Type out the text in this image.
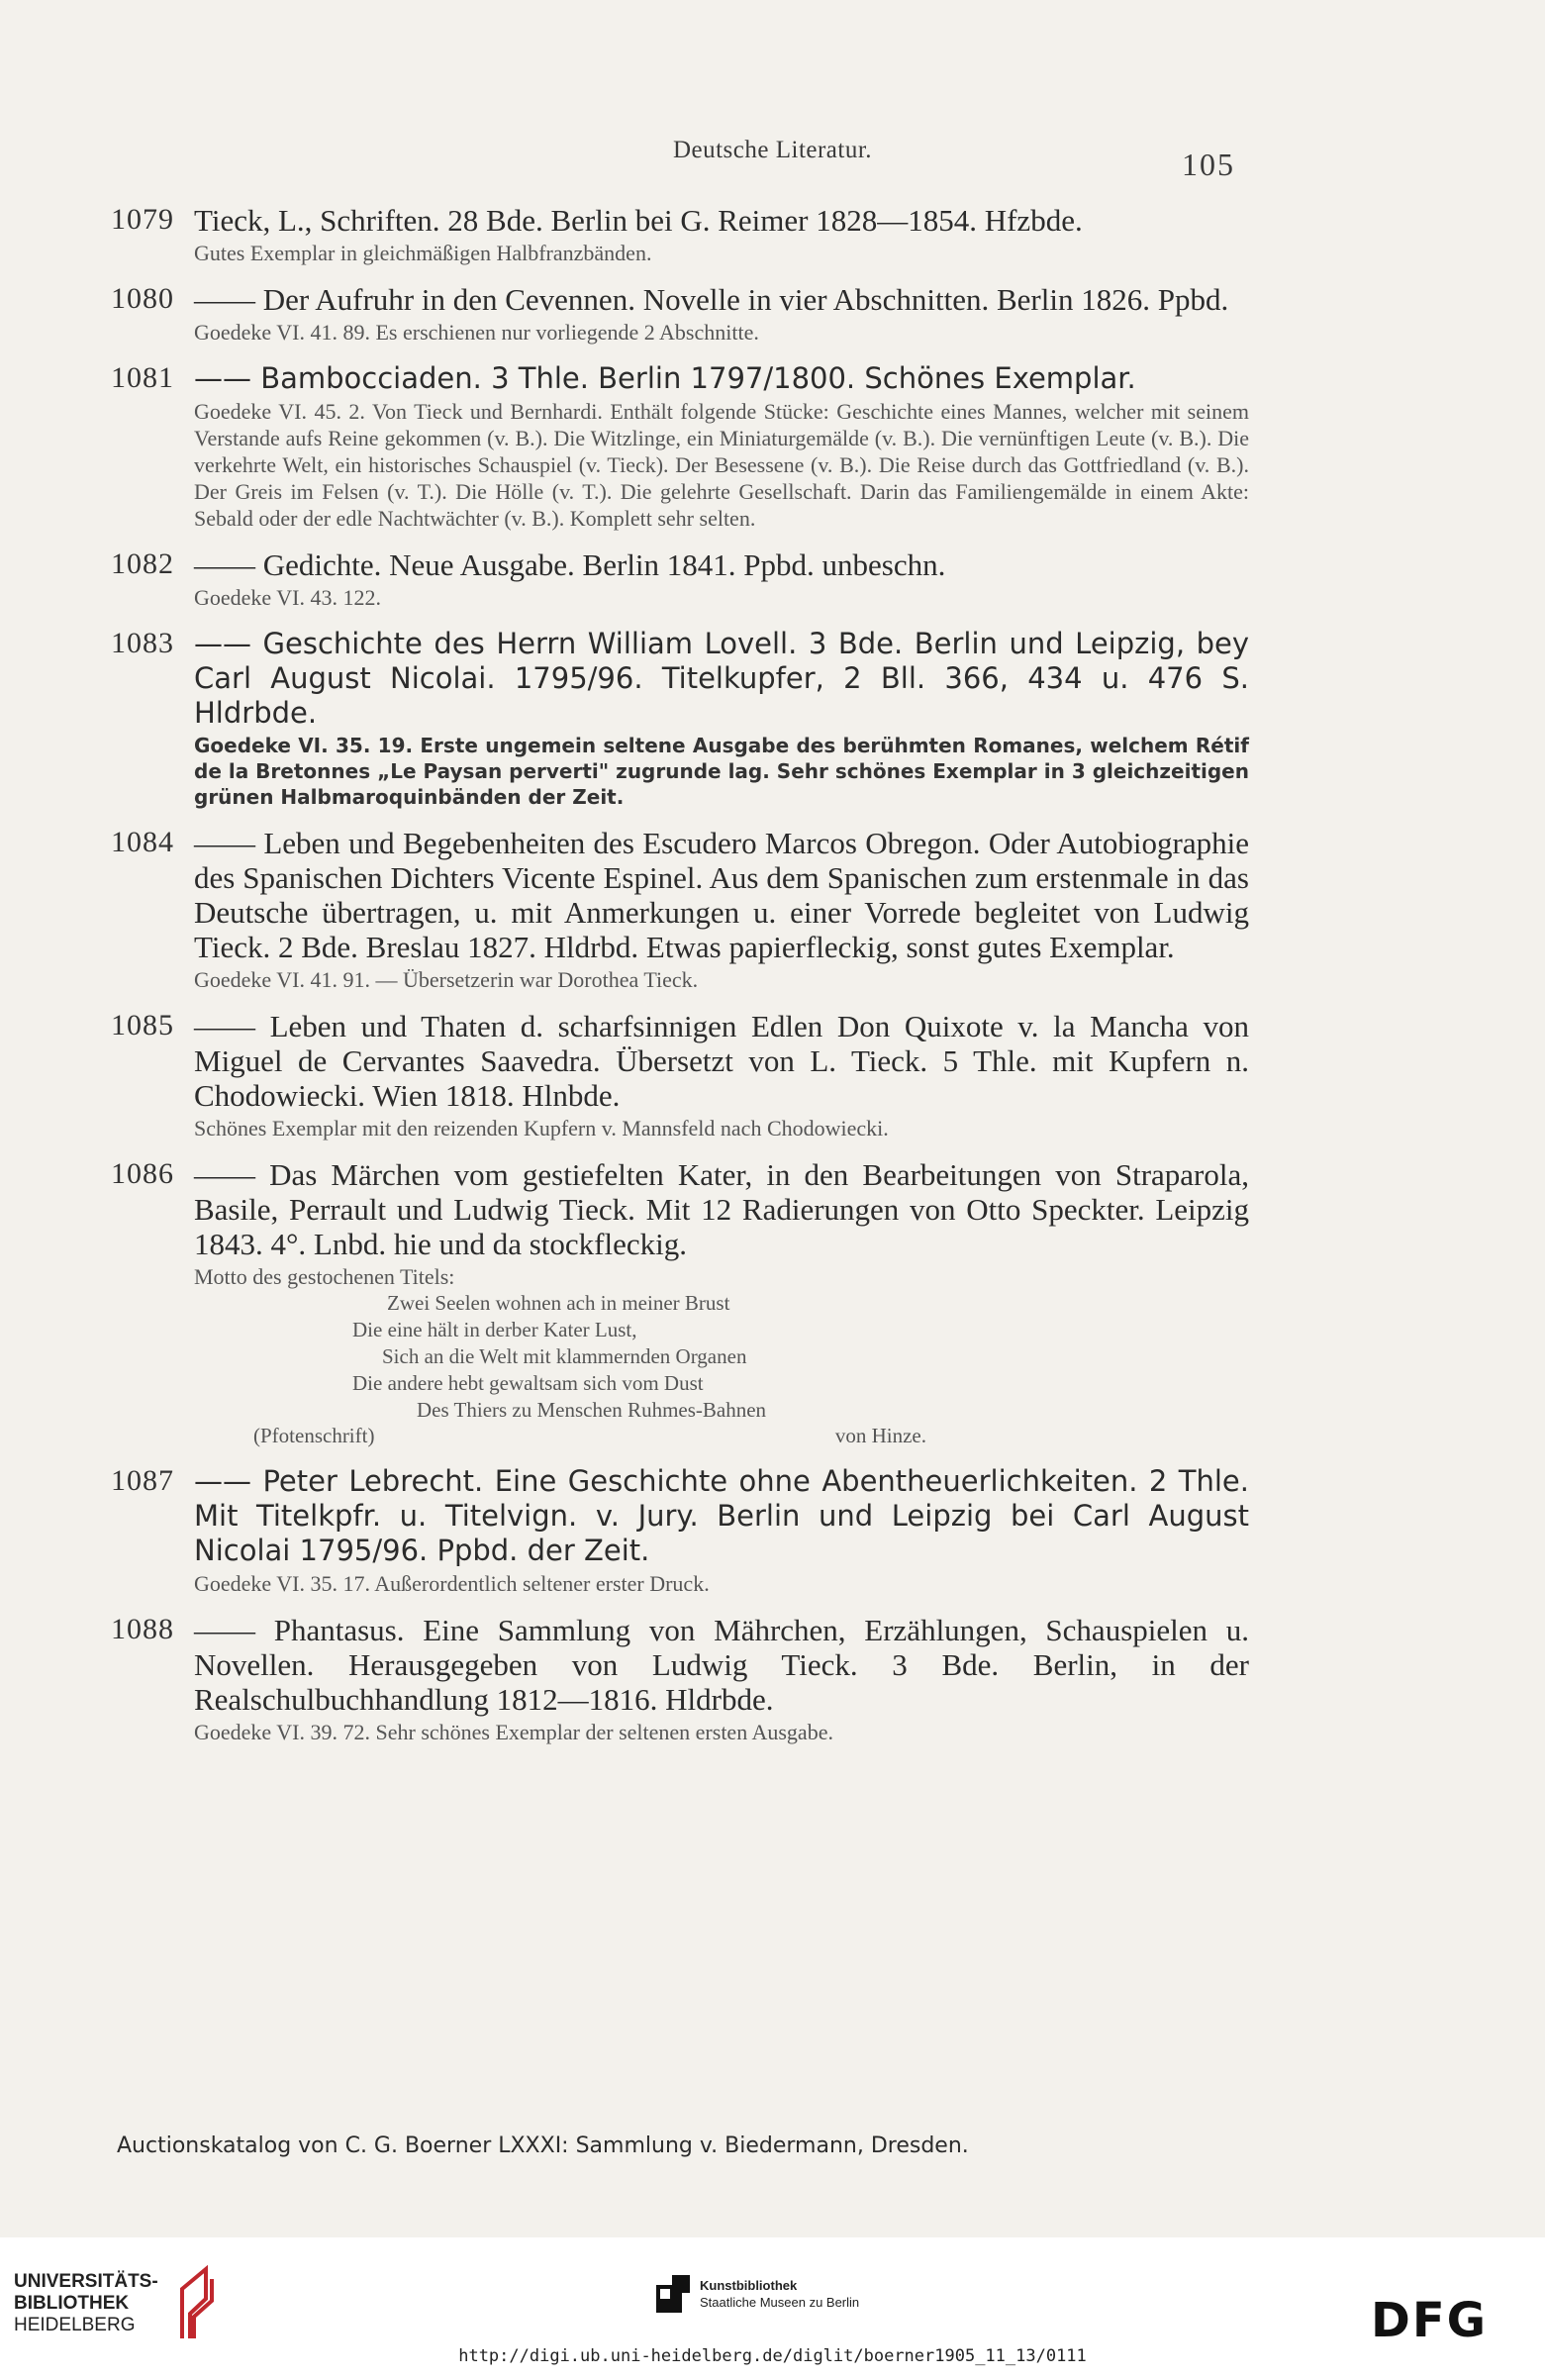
Deutsche Literatur.	105
1079 Tieck, L., Schriften. 28 Bde. Berlin bei G. Reimer 1828—1854. Hfzbde.
Gutes Exemplar in gleichmäßigen Halbfranzbänden.
1080 —— Der Aufruhr in den Cevennen. Novelle in vier Abschnitten. Berlin 1826. Ppbd.
Goedeke VI. 41. 89. Es erschienen nur vorliegende 2 Abschnitte.
1081 —— Bambocciaden. 3 Thle. Berlin 1797/1800. Schönes Exemplar.
Goedeke VI. 45. 2. Von Tieck und Bernhardi. Enthält folgende Stücke: Geschichte eines Mannes, welcher mit seinem Verstande aufs Reine gekommen (v. B.). Die Witzlinge, ein Miniaturgemälde (v. B.). Die vernünftigen Leute (v. B.). Die verkehrte Welt, ein historisches Schauspiel (v. Tieck). Der Besessene (v. B.). Die Reise durch das Gottfriedland (v. B.). Der Greis im Felsen (v. T.). Die Hölle (v. T.). Die gelehrte Gesellschaft. Darin das Familiengemälde in einem Akte: Sebald oder der edle Nachtwächter (v. B.). Komplett sehr selten.
1082 —— Gedichte. Neue Ausgabe. Berlin 1841. Ppbd. unbeschn.
Goedeke VI. 43. 122.
1083 —— Geschichte des Herrn William Lovell. 3 Bde. Berlin und Leipzig, bey Carl August Nicolai. 1795/96. Titelkupfer, 2 Bll. 366, 434 u. 476 S. Hldrbde.
Goedeke VI. 35. 19. Erste ungemein seltene Ausgabe des berühmten Romanes, welchem Rétif de la Bretonnes „Le Paysan perverti" zugrunde lag. Sehr schönes Exemplar in 3 gleichzeitigen grünen Halbmaroquinbänden der Zeit.
1084 —— Leben und Begebenheiten des Escudero Marcos Obregon. Oder Autobiographie des Spanischen Dichters Vicente Espinel. Aus dem Spanischen zum erstenmale in das Deutsche übertragen, u. mit Anmerkungen u. einer Vorrede begleitet von Ludwig Tieck. 2 Bde. Breslau 1827. Hldrbd. Etwas papierfleckig, sonst gutes Exemplar.
Goedeke VI. 41. 91. — Übersetzerin war Dorothea Tieck.
1085 —— Leben und Thaten d. scharfsinnigen Edlen Don Quixote v. la Mancha von Miguel de Cervantes Saavedra. Übersetzt von L. Tieck. 5 Thle. mit Kupfern n. Chodowiecki. Wien 1818. Hlnbde.
Schönes Exemplar mit den reizenden Kupfern v. Mannsfeld nach Chodowiecki.
1086 —— Das Märchen vom gestiefelten Kater, in den Bearbeitungen von Straparola, Basile, Perrault und Ludwig Tieck. Mit 12 Radierungen von Otto Speckter. Leipzig 1843. 4°. Lnbd. hie und da stockfleckig.
Motto des gestochenen Titels:
Zwei Seelen wohnen ach in meiner Brust
Die eine hält in derber Kater Lust,
Sich an die Welt mit klammernden Organen
Die andere hebt gewaltsam sich vom Dust
Des Thiers zu Menschen Ruhmes-Bahnen
(Pfotenschrift)	von Hinze.
1087 —— Peter Lebrecht. Eine Geschichte ohne Abentheuerlichkeiten. 2 Thle. Mit Titelkpfr. u. Titelvign. v. Jury. Berlin und Leipzig bei Carl August Nicolai 1795/96. Ppbd. der Zeit.
Goedeke VI. 35. 17. Außerordentlich seltener erster Druck.
1088 —— Phantasus. Eine Sammlung von Mährchen, Erzählungen, Schauspielen u. Novellen. Herausgegeben von Ludwig Tieck. 3 Bde. Berlin, in der Realschulbuchhandlung 1812—1816. Hldrbde.
Goedeke VI. 39. 72. Sehr schönes Exemplar der seltenen ersten Ausgabe.
Auctionskatalog von C. G. Boerner LXXXI: Sammlung v. Biedermann, Dresden.
UNIVERSITÄTS-
BIBLIOTHEK
HEIDELBERG
Kunstbibliothek
Staatliche Museen zu Berlin	DFG
http://digi.ub.uni-heidelberg.de/diglit/boerner1905_11_13/0111
